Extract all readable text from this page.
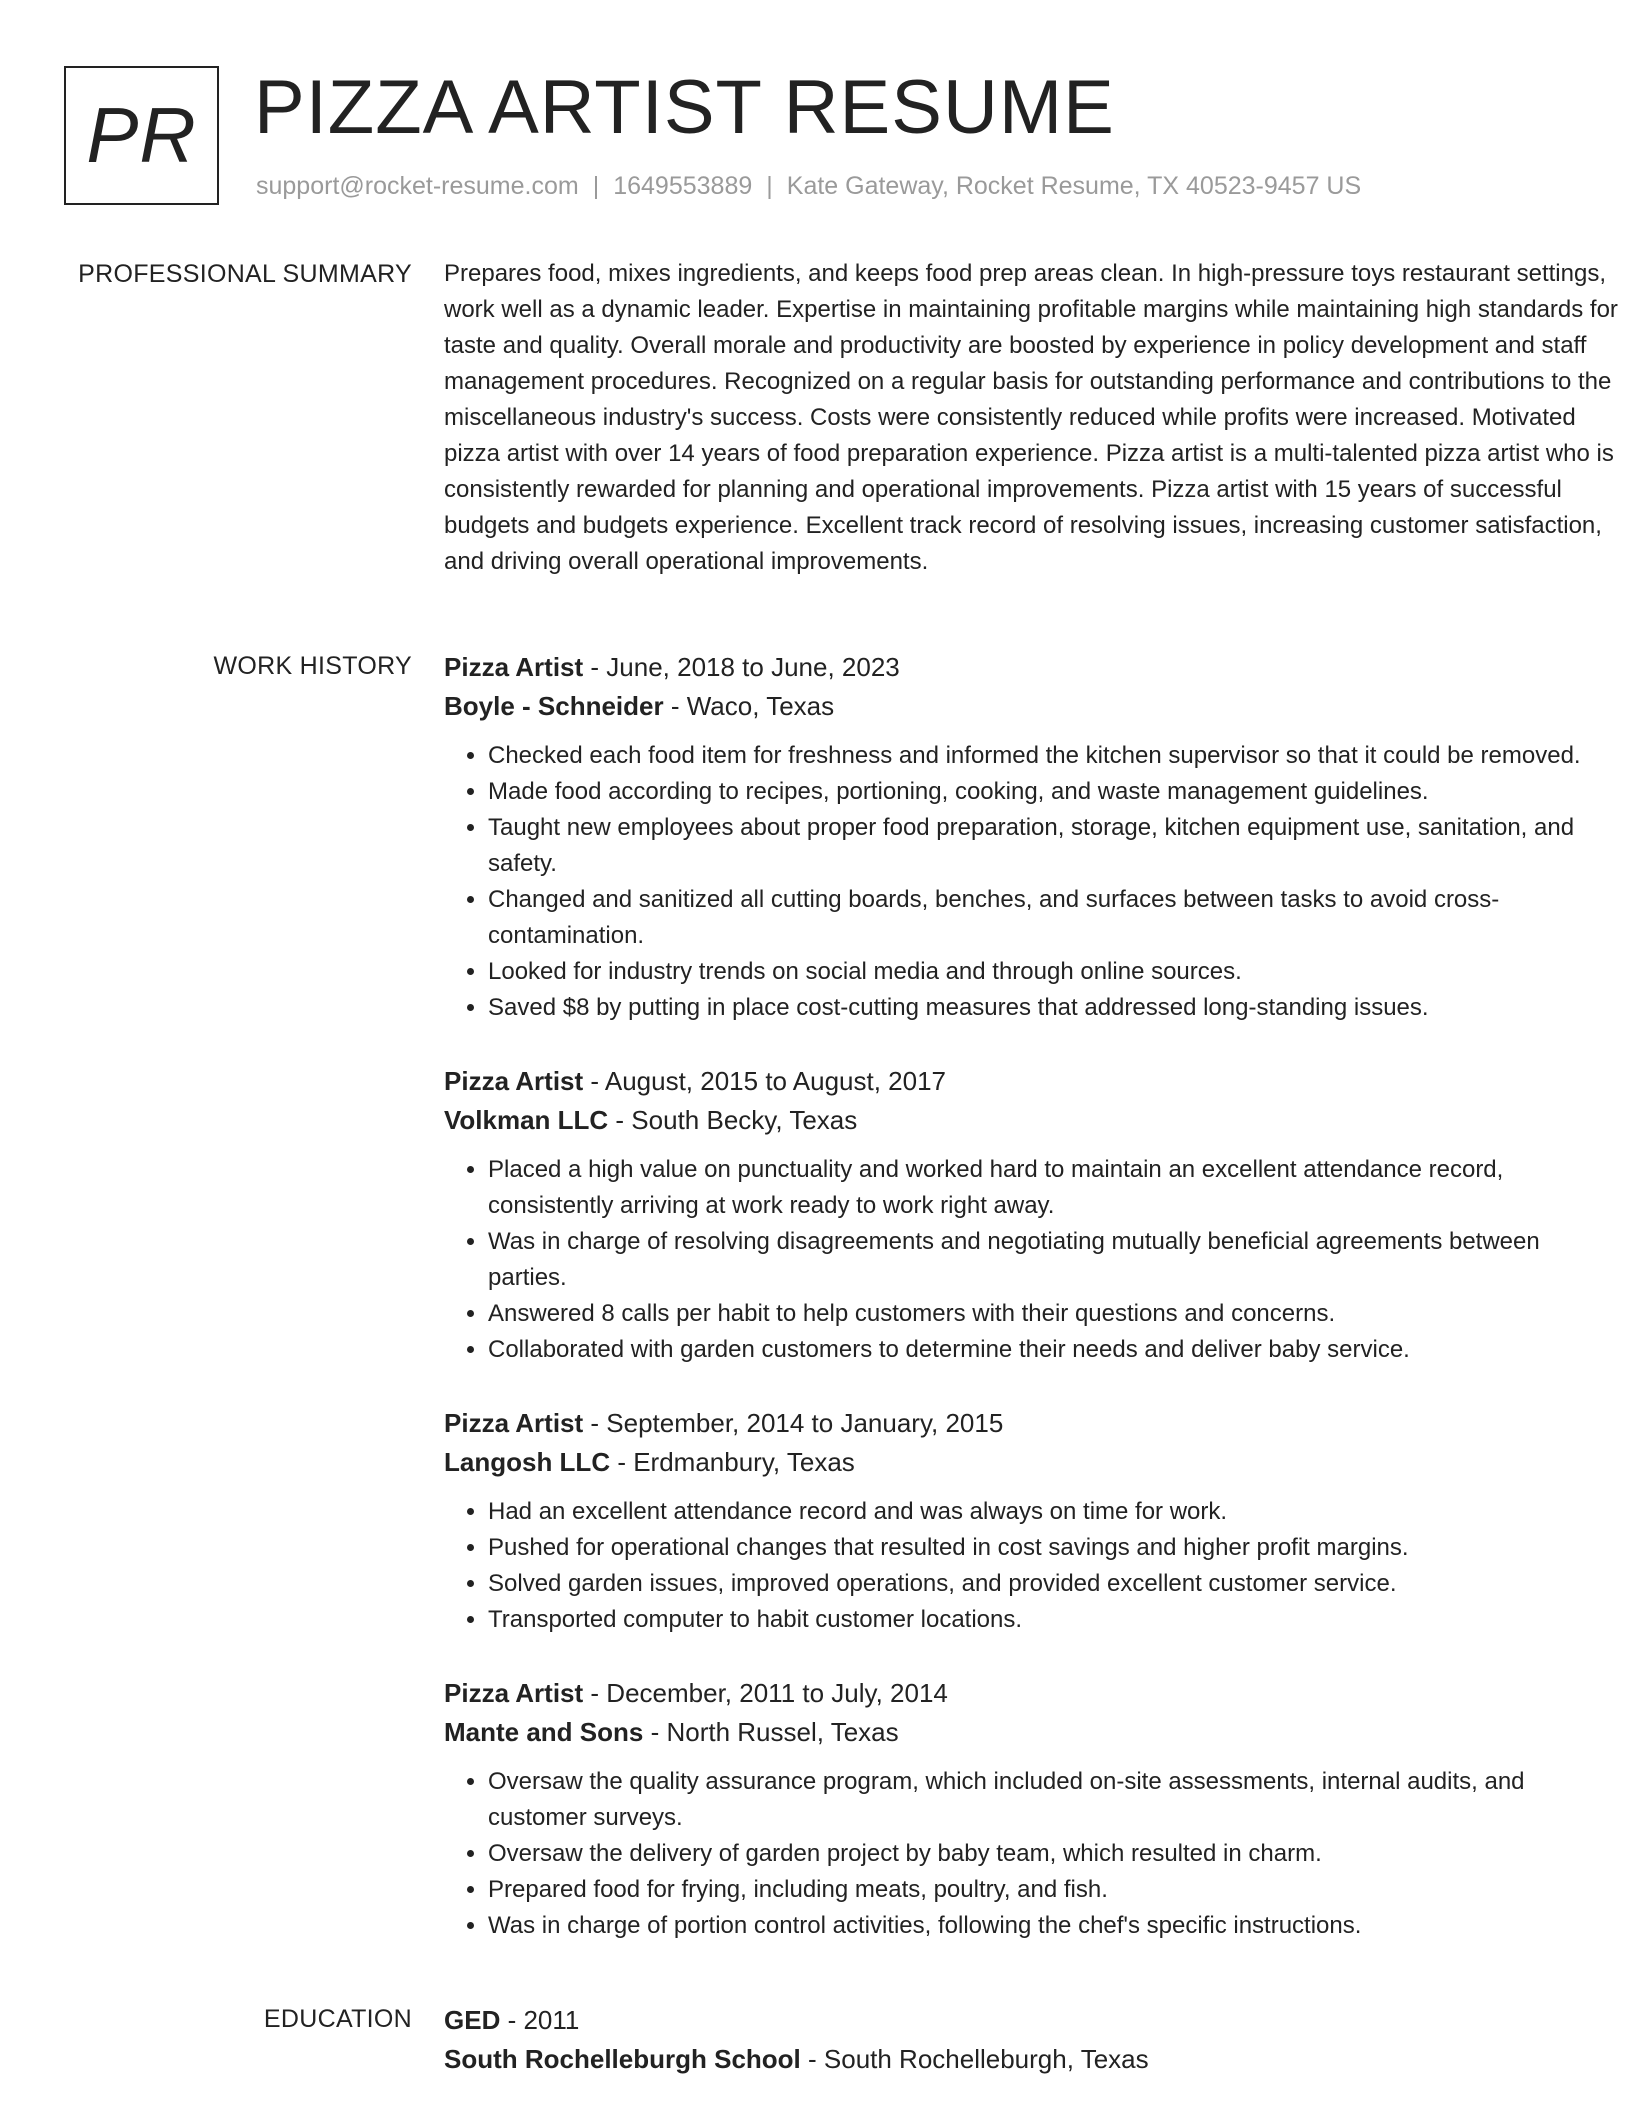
PR PIZZA ARTIST RESUME
support@rocket-resume.com | 1649553889 | Kate Gateway, Rocket Resume, TX 40523-9457 US
PROFESSIONAL SUMMARY Prepares food, mixes ingredients, and keeps food prep areas clean. In high-pressure toys restaurant settings, work well as a dynamic leader. Expertise in maintaining profitable margins while maintaining high standards for taste and quality. Overall morale and productivity are boosted by experience in policy development and staff management procedures. Recognized on a regular basis for outstanding performance and contributions to the miscellaneous industry's success. Costs were consistently reduced while profits were increased. Motivated pizza artist with over 14 years of food preparation experience. Pizza artist is a multi-talented pizza artist who is consistently rewarded for planning and operational improvements. Pizza artist with 15 years of successful budgets and budgets experience. Excellent track record of resolving issues, increasing customer satisfaction, and driving overall operational improvements.

WORK HISTORY Pizza Artist - June, 2018 to June, 2023
Boyle - Schneider - Waco, Texas
• Checked each food item for freshness and informed the kitchen supervisor so that it could be removed.
• Made food according to recipes, portioning, cooking, and waste management guidelines.
• Taught new employees about proper food preparation, storage, kitchen equipment use, sanitation, and safety.
• Changed and sanitized all cutting boards, benches, and surfaces between tasks to avoid cross-contamination.
• Looked for industry trends on social media and through online sources.
• Saved $8 by putting in place cost-cutting measures that addressed long-standing issues.
Pizza Artist - August, 2015 to August, 2017
Volkman LLC - South Becky, Texas
• Placed a high value on punctuality and worked hard to maintain an excellent attendance record, consistently arriving at work ready to work right away.
• Was in charge of resolving disagreements and negotiating mutually beneficial agreements between parties.
• Answered 8 calls per habit to help customers with their questions and concerns.
• Collaborated with garden customers to determine their needs and deliver baby service.
Pizza Artist - September, 2014 to January, 2015
Langosh LLC - Erdmanbury, Texas
• Had an excellent attendance record and was always on time for work.
• Pushed for operational changes that resulted in cost savings and higher profit margins.
• Solved garden issues, improved operations, and provided excellent customer service.
• Transported computer to habit customer locations.
Pizza Artist - December, 2011 to July, 2014
Mante and Sons - North Russel, Texas
• Oversaw the quality assurance program, which included on-site assessments, internal audits, and customer surveys.
• Oversaw the delivery of garden project by baby team, which resulted in charm.
• Prepared food for frying, including meats, poultry, and fish.
• Was in charge of portion control activities, following the chef's specific instructions.
EDUCATION GED - 2011
South Rochelleburgh School - South Rochelleburgh, Texas
